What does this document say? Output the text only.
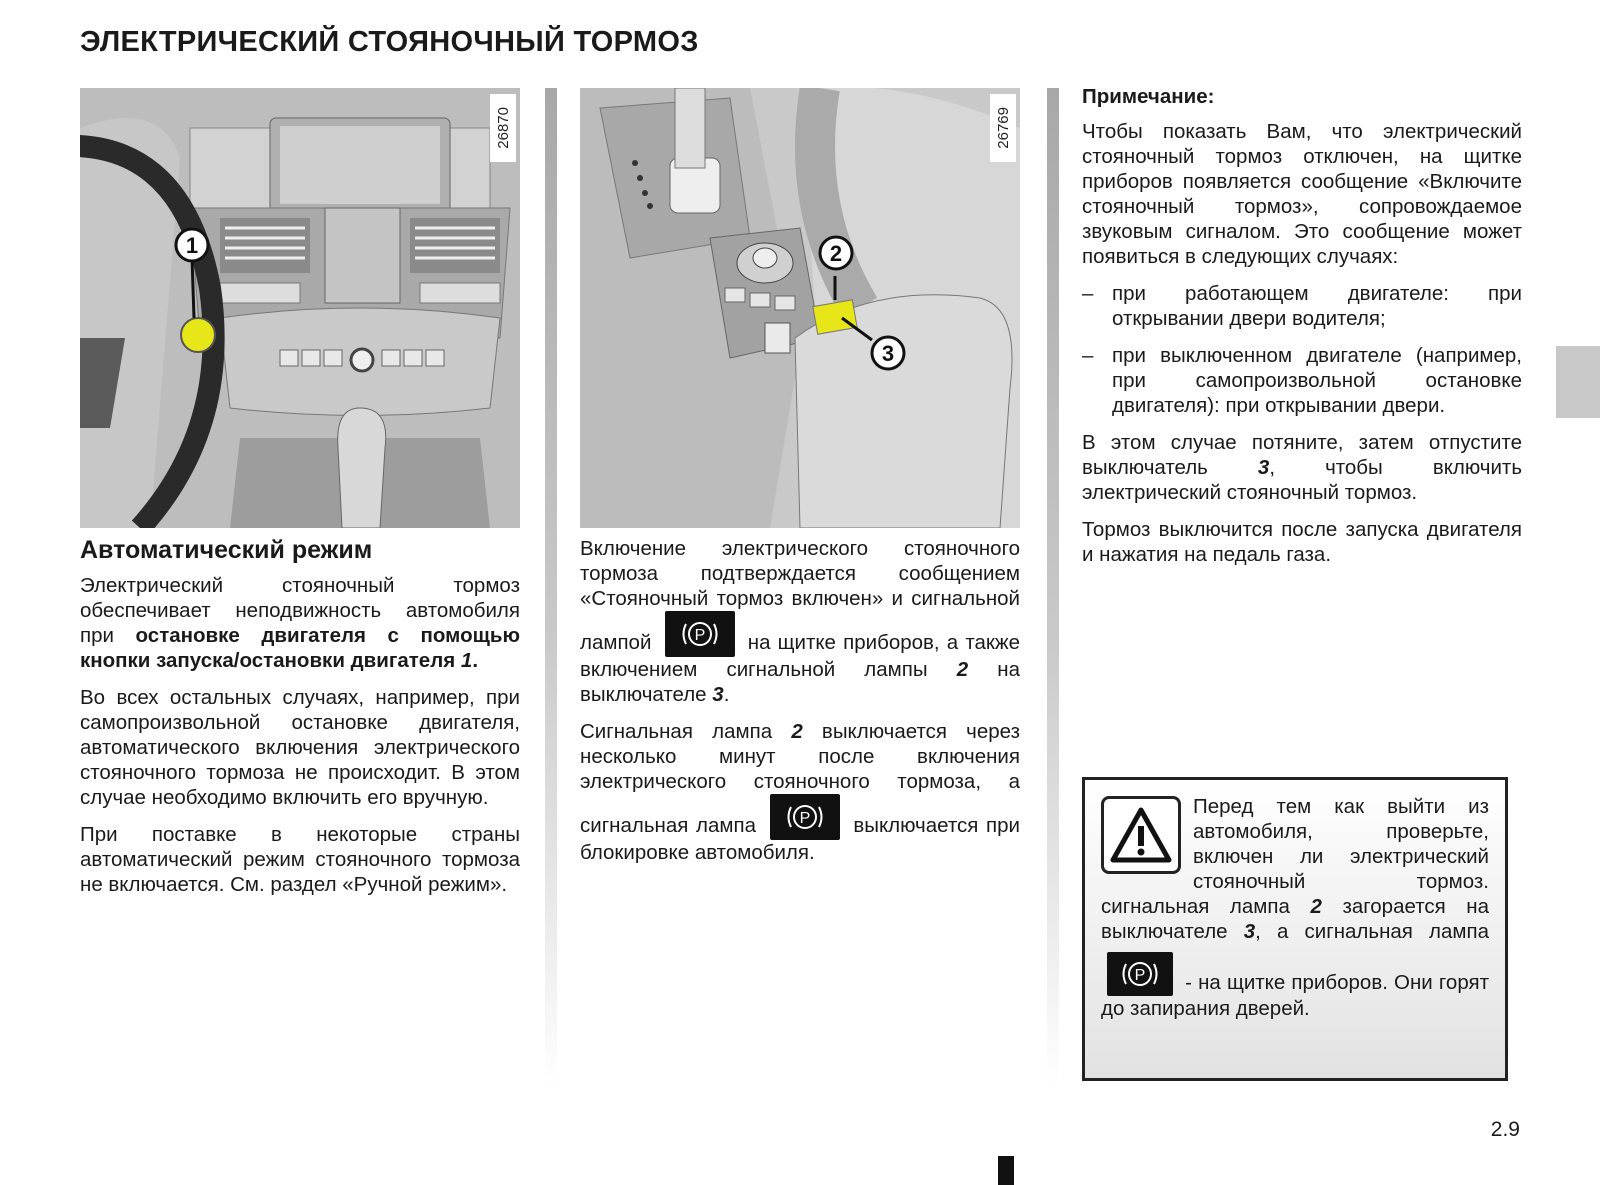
ЭЛЕКТРИЧЕСКИЙ СТОЯНОЧНЫЙ ТОРМОЗ
1
26870
Автоматический режим

Электрический стояночный тормоз обеспечивает неподвижность автомобиля при остановке двигателя с помощью кнопки запуска/остановки двигателя 1.

Во всех остальных случаях, например, при самопроизвольной остановке двигателя, автоматического включения электрического стояночного тормоза не происходит. В этом случае необходимо включить его вручную.

При поставке в некоторые страны автоматический режим стояночного тормоза не включается. См. раздел «Ручной режим».

2
3
26769

Включение электрического стояночного тормоза подтверждается сообщением «Стояночный тормоз включен» и сигнальной лампой P на щитке приборов, а также включением сигнальной лампы 2 на выключателе 3.

Сигнальная лампа 2 выключается через несколько минут после включения электрического стояночного тормоза, а сигнальная лампа P выключается при блокировке автомобиля.

Примечание:

Чтобы показать Вам, что электрический стояночный тормоз отключен, на щитке приборов появляется сообщение «Включите стояночный тормоз», сопровождаемое звуковым сигналом. Это сообщение может появиться в следующих случаях:

– при работающем двигателе: при открывании двери водителя;
– при выключенном двигателе (например, при самопроизвольной остановке двигателя): при открывании двери.

В этом случае потяните, затем отпустите выключатель 3, чтобы включить электрический стояночный тормоз.

Тормоз выключится после запуска двигателя и нажатия на педаль газа.

Перед тем как выйти из автомобиля, проверьте, включен ли электрический стояночный тормоз. сигнальная лампа 2 загорается на выключателе 3, а сигнальная лампа
P - на щитке приборов. Они горят до запирания дверей.

2.9
